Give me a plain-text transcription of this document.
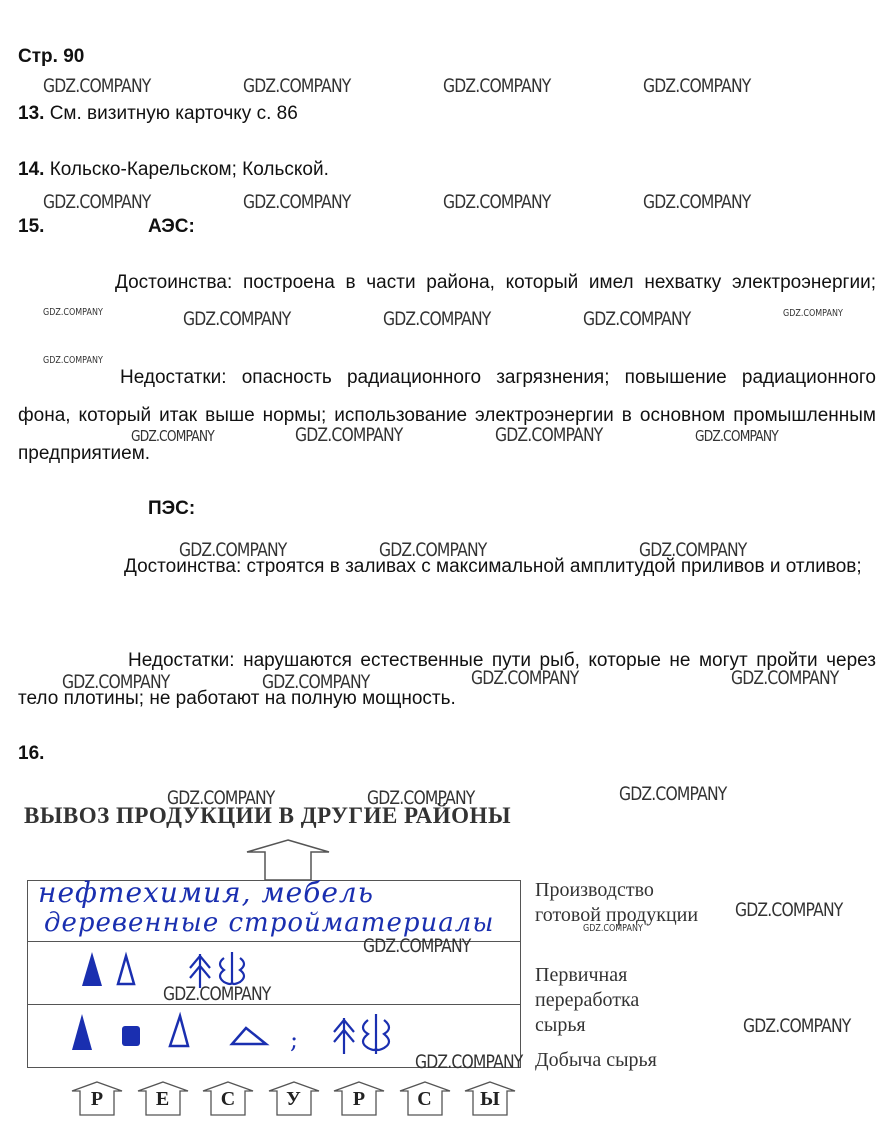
Стр. 90
13. См. визитную карточку с. 86
14. Кольско-Карельском; Кольской.
15.	АЭС:
Достоинства: построена в части района, который имел нехватку электроэнергии;
Недостатки: опасность радиационного загрязнения; повышение радиационного фона, который итак выше нормы; использование электроэнергии в основном промышленным предприятием.
ПЭС:
Достоинства: строятся в заливах с максимальной амплитудой приливов и отливов;
Недостатки: нарушаются естественные пути рыб, которые не могут пройти через тело плотины; не работают на полную мощность.
16.
ВЫВОЗ ПРОДУКЦИИ В ДРУГИЕ РАЙОНЫ
нефтехимия, мебель
деревенные стройматериалы
;
Производство готовой продукции
Первичная переработка сырья
Добыча сырья
Р	Е	С	У	Р	С	Ы
GDZ.COMPANY	GDZ.COMPANY	GDZ.COMPANY	GDZ.COMPANY
GDZ.COMPANY	GDZ.COMPANY	GDZ.COMPANY	GDZ.COMPANY
GDZ.COMPANY	GDZ.COMPANY	GDZ.COMPANY	GDZ.COMPANY	GDZ.COMPANY
GDZ.COMPANY
GDZ.COMPANY	GDZ.COMPANY	GDZ.COMPANY	GDZ.COMPANY
GDZ.COMPANY	GDZ.COMPANY	GDZ.COMPANY
GDZ.COMPANY	GDZ.COMPANY	GDZ.COMPANY	GDZ.COMPANY
GDZ.COMPANY	GDZ.COMPANY	GDZ.COMPANY
GDZ.COMPANY
GDZ.COMPANY
GDZ.COMPANY
GDZ.COMPANY
GDZ.COMPANY
GDZ.COMPANY
